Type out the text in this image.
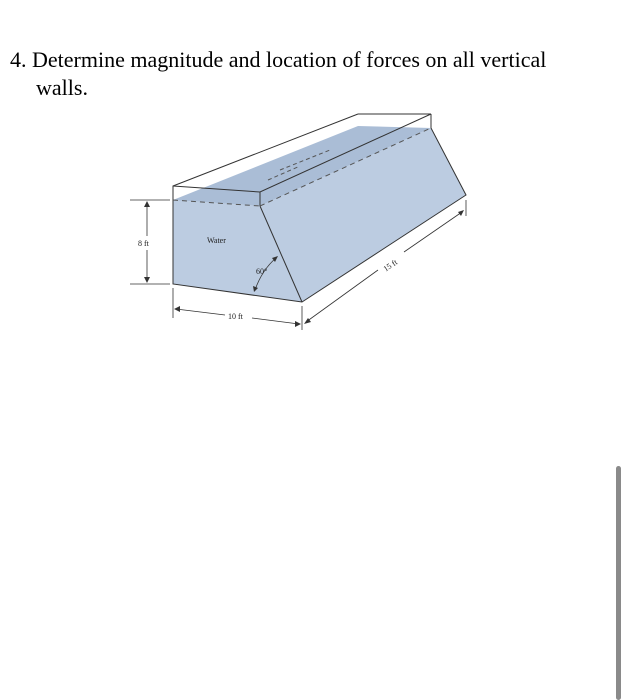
4. Determine magnitude and location of forces on all vertical
walls.
8 ft
10 ft
15 ft
60°
Water
